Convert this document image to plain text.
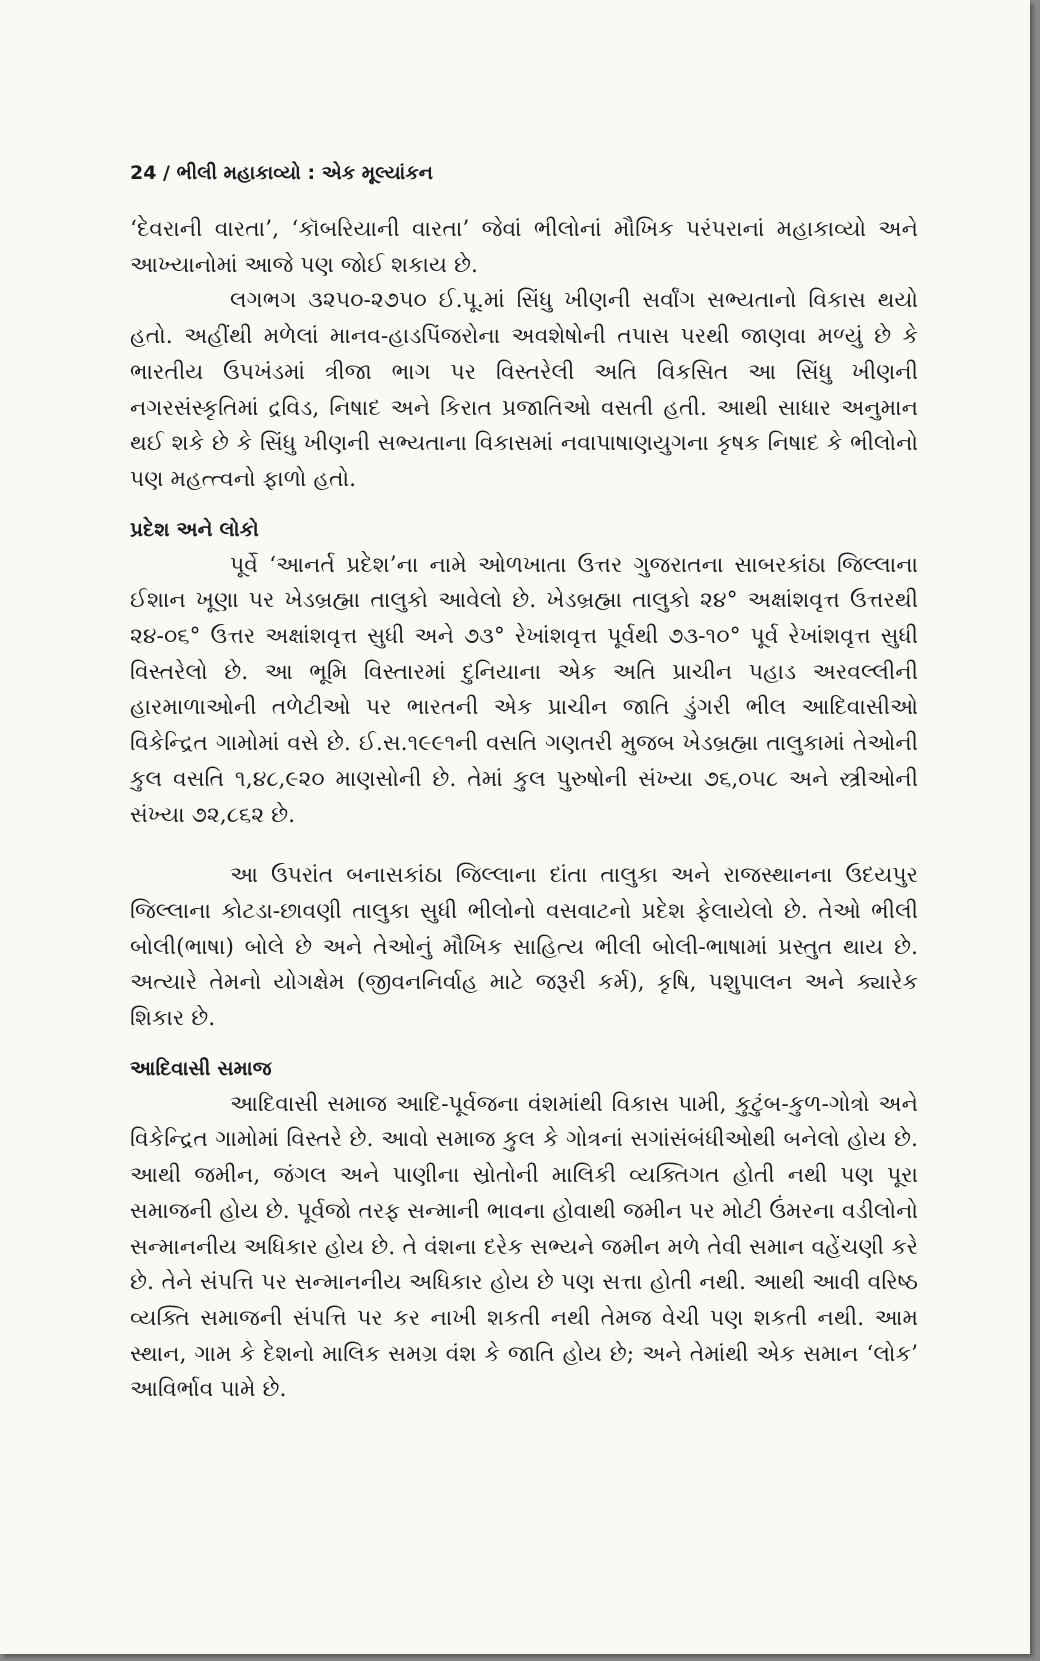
24 / ભીલી મહાકાવ્યો : એક મૂલ્યાંકન

‘દેવરાની વારતા’, ‘કૉબરિયાની વારતા’ જેવાં ભીલોનાં મૌખિક પરંપરાનાં મહાકાવ્યો અને આખ્યાનોમાં આજે પણ જોઈ શકાય છે.

લગભગ ૩૨૫૦-૨૭૫૦ ઈ.પૂ.માં સિંધુ ખીણની સર્વાંગ સભ્યતાનો વિકાસ થયો હતો. અહીંથી મળેલાં માનવ-હાડપિંજરોના અવશેષોની તપાસ પરથી જાણવા મળ્યું છે કે ભારતીય ઉપખંડમાં ત્રીજા ભાગ પર વિસ્તરેલી અતિ વિકસિત આ સિંધુ ખીણની નગરસંસ્કૃતિમાં દ્રવિડ, નિષાદ અને કિરાત પ્રજાતિઓ વસતી હતી. આથી સાધાર અનુમાન થઈ શકે છે કે સિંધુ ખીણની સભ્યતાના વિકાસમાં નવાપાષાણયુગના કૃષક નિષાદ કે ભીલોનો પણ મહત્ત્વનો ફાળો હતો.

પ્રદેશ અને લોકો

પૂર્વે ‘આનર્ત પ્રદેશ’ના નામે ઓળખાતા ઉત્તર ગુજરાતના સાબરકાંઠા જિલ્લાના ઈશાન ખૂણા પર ખેડબ્રહ્મા તાલુકો આવેલો છે. ખેડબ્રહ્મા તાલુકો ૨૪° અક્ષાંશવૃત્ત ઉત્તરથી ૨૪-૦૬° ઉત્તર અક્ષાંશવૃત્ત સુધી અને ૭૩° રેખાંશવૃત્ત પૂર્વથી ૭૩-૧૦° પૂર્વ રેખાંશવૃત્ત સુધી વિસ્તરેલો છે. આ ભૂમિ વિસ્તારમાં દુનિયાના એક અતિ પ્રાચીન પહાડ અરવલ્લીની હારમાળાઓની તળેટીઓ પર ભારતની એક પ્રાચીન જાતિ ડુંગરી ભીલ આદિવાસીઓ વિકેન્દ્રિત ગામોમાં વસે છે. ઈ.સ.૧૯૯૧ની વસતિ ગણતરી મુજબ ખેડબ્રહ્મા તાલુકામાં તેઓની કુલ વસતિ ૧,૪૮,૯૨૦ માણસોની છે. તેમાં કુલ પુરુષોની સંખ્યા ૭૬,૦૫૮ અને સ્ત્રીઓની સંખ્યા ૭૨,૮૬૨ છે.

આ ઉપરાંત બનાસકાંઠા જિલ્લાના દાંતા તાલુકા અને રાજસ્થાનના ઉદયપુર જિલ્લાના કોટડા-છાવણી તાલુકા સુધી ભીલોનો વસવાટનો પ્રદેશ ફેલાયેલો છે. તેઓ ભીલી બોલી(ભાષા) બોલે છે અને તેઓનું મૌખિક સાહિત્ય ભીલી બોલી-ભાષામાં પ્રસ્તુત થાય છે. અત્યારે તેમનો યોગક્ષેમ (જીવનનિર્વાહ માટે જરૂરી કર્મ), કૃષિ, પશુપાલન અને ક્યારેક શિકાર છે.

આદિવાસી સમાજ

આદિવાસી સમાજ આદિ-પૂર્વજના વંશમાંથી વિકાસ પામી, કુટુંબ-કુળ-ગોત્રો અને વિકેન્દ્રિત ગામોમાં વિસ્તરે છે. આવો સમાજ કુલ કે ગોત્રનાં સગાંસંબંધીઓથી બનેલો હોય છે. આથી જમીન, જંગલ અને પાણીના સ્રોતોની માલિકી વ્યક્તિગત હોતી નથી પણ પૂરા સમાજની હોય છે. પૂર્વજો તરફ સન્માની ભાવના હોવાથી જમીન પર મોટી ઉંમરના વડીલોનો સન્માનનીય અધિકાર હોય છે. તે વંશના દરેક સભ્યને જમીન મળે તેવી સમાન વહેંચણી કરે છે. તેને સંપત્તિ પર સન્માનનીય અધિકાર હોય છે પણ સત્તા હોતી નથી. આથી આવી વરિષ્ઠ વ્યક્તિ સમાજની સંપત્તિ પર કર નાખી શકતી નથી તેમજ વેચી પણ શકતી નથી. આમ સ્થાન, ગામ કે દેશનો માલિક સમગ્ર વંશ કે જાતિ હોય છે; અને તેમાંથી એક સમાન ‘લોક’ આવિર્ભાવ પામે છે.
